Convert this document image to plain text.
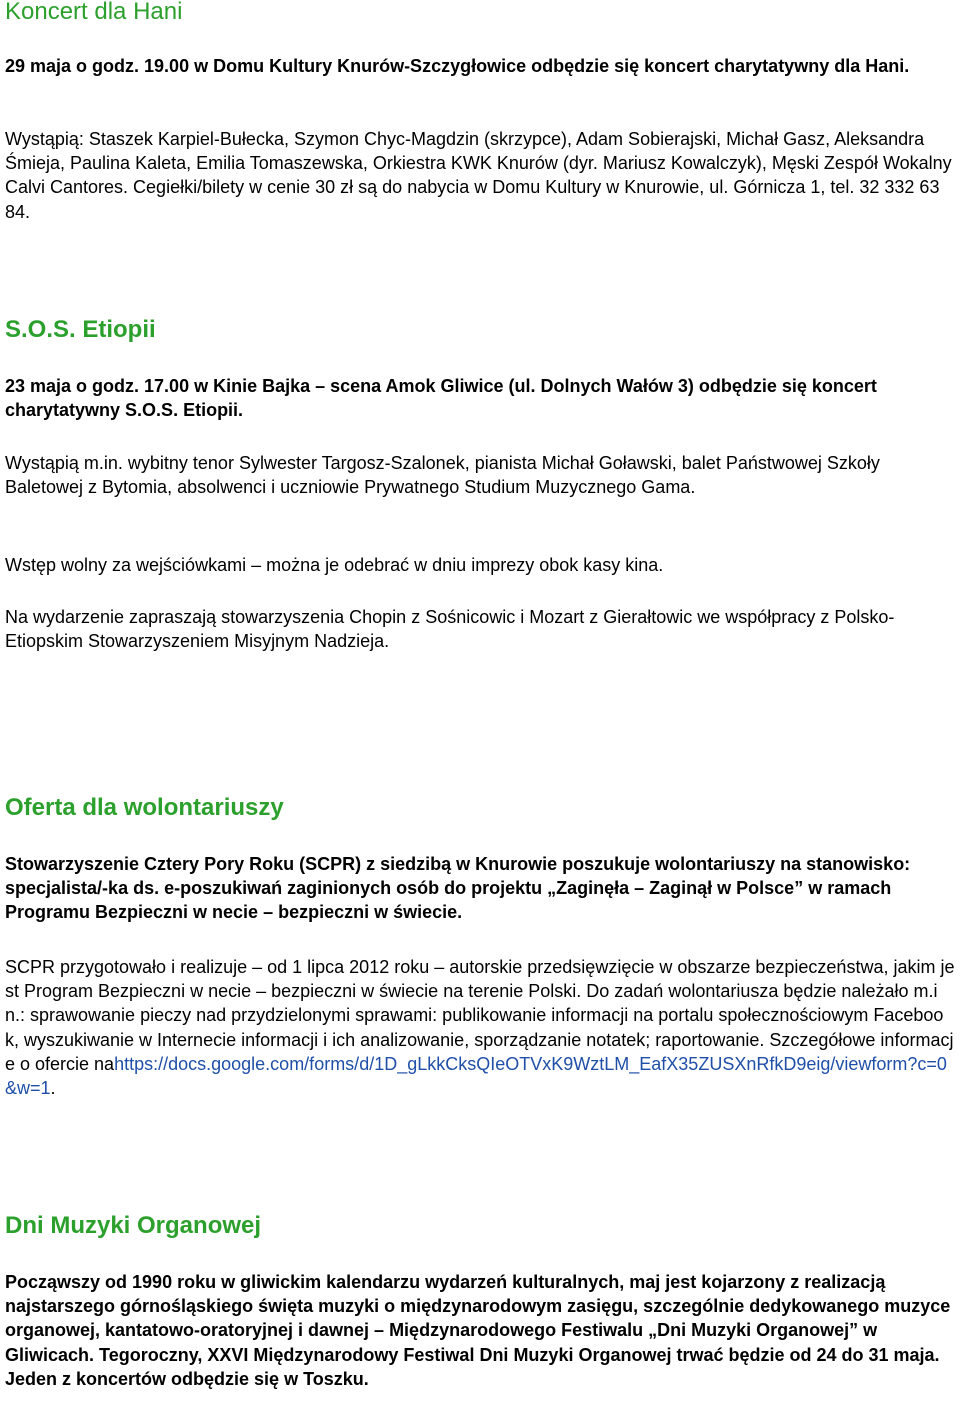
Koncert dla Hani

29 maja o godz. 19.00 w Domu Kultury Knurów-Szczygłowice odbędzie się koncert charytatywny dla Hani.

Wystąpią: Staszek Karpiel-Bułecka, Szymon Chyc-Magdzin (skrzypce), Adam Sobierajski, Michał Gasz, Aleksandra Śmieja, Paulina Kaleta, Emilia Tomaszewska, Orkiestra KWK Knurów (dyr. Mariusz Kowalczyk), Męski Zespół Wokalny Calvi Cantores. Cegiełki/bilety w cenie 30 zł są do nabycia w Domu Kultury w Knurowie, ul. Górnicza 1, tel. 32 332 63 84.

S.O.S. Etiopii

23 maja o godz. 17.00 w Kinie Bajka – scena Amok Gliwice (ul. Dolnych Wałów 3) odbędzie się koncert charytatywny S.O.S. Etiopii.

Wystąpią m.in. wybitny tenor Sylwester Targosz-Szalonek, pianista Michał Goławski, balet Państwowej Szkoły Baletowej z Bytomia, absolwenci i uczniowie Prywatnego Studium Muzycznego Gama.

Wstęp wolny za wejściówkami – można je odebrać w dniu imprezy obok kasy kina.

Na wydarzenie zapraszają stowarzyszenia Chopin z Sośnicowic i Mozart z Gierałtowic we współpracy z Polsko-Etiopskim Stowarzyszeniem Misyjnym Nadzieja.

Oferta dla wolontariuszy

Stowarzyszenie Cztery Pory Roku (SCPR) z siedzibą w Knurowie poszukuje wolontariuszy na stanowisko: specjalista/-ka ds. e-poszukiwań zaginionych osób do projektu „Zaginęła – Zaginął w Polsce” w ramach Programu Bezpieczni w necie – bezpieczni w świecie.

SCPR przygotowało i realizuje – od 1 lipca 2012 roku – autorskie przedsięwzięcie w obszarze bezpieczeństwa, jakim jest Program Bezpieczni w necie – bezpieczni w świecie na terenie Polski. Do zadań wolontariusza będzie należało m.in.: sprawowanie pieczy nad przydzielonymi sprawami: publikowanie informacji na portalu społecznościowym Facebook, wyszukiwanie w Internecie informacji i ich analizowanie, sporządzanie notatek; raportowanie. Szczegółowe informacje o ofercie nahttps://docs.google.com/forms/d/1D_gLkkCksQIeOTVxK9WztLM_EafX35ZUSXnRfkD9eig/viewform?c=0&w=1.

Dni Muzyki Organowej

Począwszy od 1990 roku w gliwickim kalendarzu wydarzeń kulturalnych, maj jest kojarzony z realizacją najstarszego górnośląskiego święta muzyki o międzynarodowym zasięgu, szczególnie dedykowanego muzyce organowej, kantatowo-oratoryjnej i dawnej – Międzynarodowego Festiwalu „Dni Muzyki Organowej” w Gliwicach. Tegoroczny, XXVI Międzynarodowy Festiwal Dni Muzyki Organowej trwać będzie od 24 do 31 maja. Jeden z koncertów odbędzie się w Toszku.
